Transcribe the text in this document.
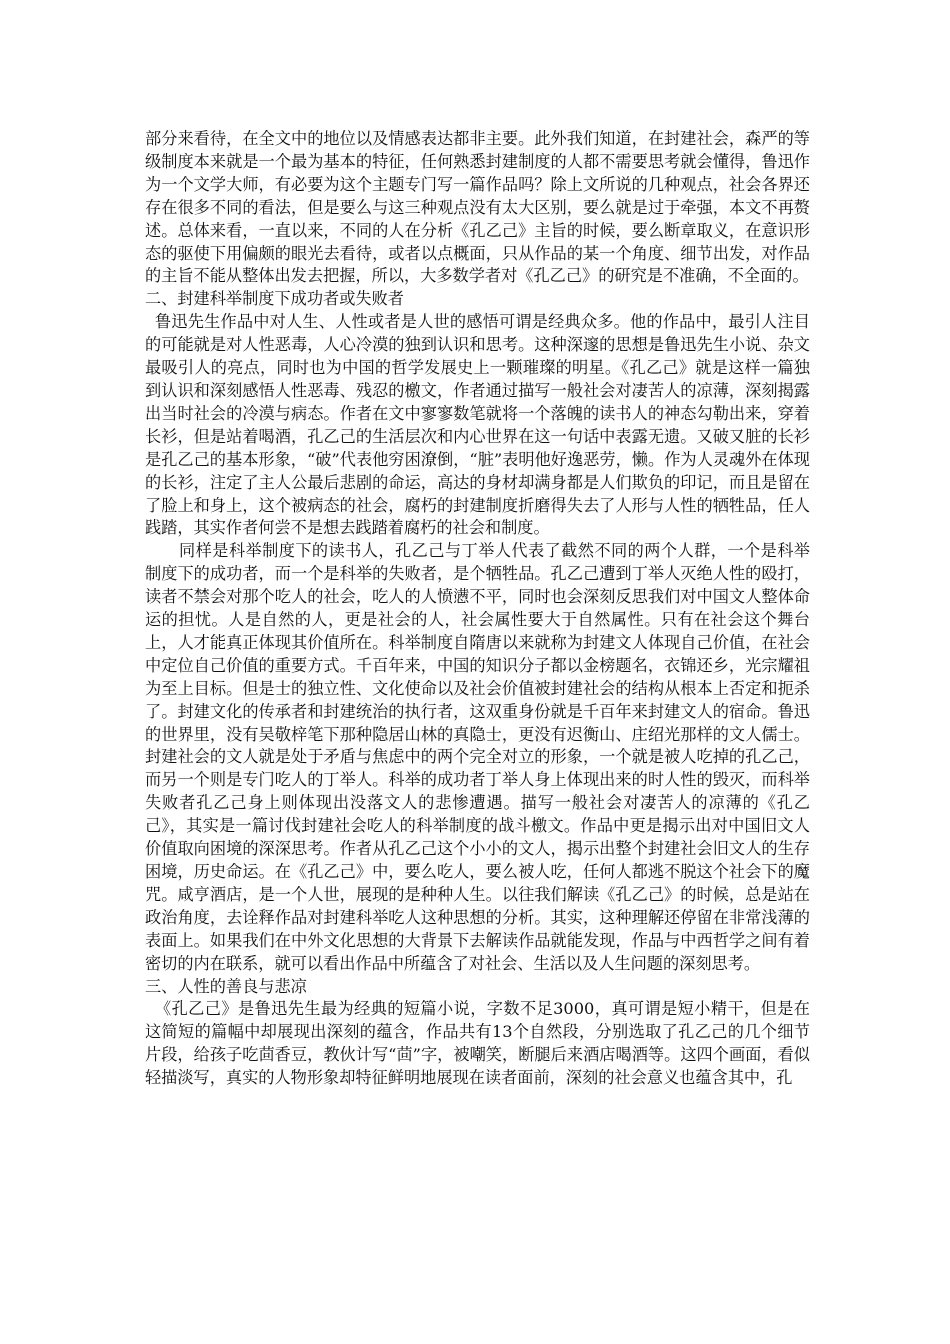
部分来看待，在全文中的地位以及情感表达都非主要。此外我们知道，在封建社会，森严的等级制度本来就是一个最为基本的特征，任何熟悉封建制度的人都不需要思考就会懂得，鲁迅作为一个文学大师，有必要为这个主题专门写一篇作品吗？除上文所说的几种观点，社会各界还存在很多不同的看法，但是要么与这三种观点没有太大区别，要么就是过于牵强，本文不再赘述。总体来看，一直以来，不同的人在分析《孔乙己》主旨的时候，要么断章取义，在意识形态的驱使下用偏颇的眼光去看待，或者以点概面，只从作品的某一个角度、细节出发，对作品的主旨不能从整体出发去把握，所以，大多数学者对《孔乙己》的研究是不准确，不全面的。

二、封建科举制度下成功者或失败者

鲁迅先生作品中对人生、人性或者是人世的感悟可谓是经典众多。他的作品中，最引人注目的可能就是对人性恶毒，人心冷漠的独到认识和思考。这种深邃的思想是鲁迅先生小说、杂文最吸引人的亮点，同时也为中国的哲学发展史上一颗璀璨的明星。《孔乙己》就是这样一篇独到认识和深刻感悟人性恶毒、残忍的檄文，作者通过描写一般社会对凄苦人的凉薄，深刻揭露出当时社会的冷漠与病态。作者在文中寥寥数笔就将一个落魄的读书人的神态勾勒出来，穿着长衫，但是站着喝酒，孔乙己的生活层次和内心世界在这一句话中表露无遗。又破又脏的长衫是孔乙己的基本形象，“破”代表他穷困潦倒，“脏”表明他好逸恶劳，懒。作为人灵魂外在体现的长衫，注定了主人公最后悲剧的命运，高达的身材却满身都是人们欺负的印记，而且是留在了脸上和身上，这个被病态的社会，腐朽的封建制度折磨得失去了人形与人性的牺牲品，任人践踏，其实作者何尝不是想去践踏着腐朽的社会和制度。

同样是科举制度下的读书人，孔乙己与丁举人代表了截然不同的两个人群，一个是科举制度下的成功者，而一个是科举的失败者，是个牺牲品。孔乙己遭到丁举人灭绝人性的殴打，读者不禁会对那个吃人的社会，吃人的人愤懑不平，同时也会深刻反思我们对中国文人整体命运的担忧。人是自然的人，更是社会的人，社会属性要大于自然属性。只有在社会这个舞台上，人才能真正体现其价值所在。科举制度自隋唐以来就称为封建文人体现自己价值，在社会中定位自己价值的重要方式。千百年来，中国的知识分子都以金榜题名，衣锦还乡，光宗耀祖为至上目标。但是士的独立性、文化使命以及社会价值被封建社会的结构从根本上否定和扼杀了。封建文化的传承者和封建统治的执行者，这双重身份就是千百年来封建文人的宿命。鲁迅的世界里，没有吴敬梓笔下那种隐居山林的真隐士，更没有迟衡山、庄绍光那样的文人儒士。封建社会的文人就是处于矛盾与焦虑中的两个完全对立的形象，一个就是被人吃掉的孔乙己，而另一个则是专门吃人的丁举人。科举的成功者丁举人身上体现出来的时人性的毁灭，而科举失败者孔乙己身上则体现出没落文人的悲惨遭遇。描写一般社会对凄苦人的凉薄的《孔乙己》，其实是一篇讨伐封建社会吃人的科举制度的战斗檄文。作品中更是揭示出对中国旧文人价值取向困境的深深思考。作者从孔乙己这个小小的文人，揭示出整个封建社会旧文人的生存困境，历史命运。在《孔乙己》中，要么吃人，要么被人吃，任何人都逃不脱这个社会下的魔咒。咸亨酒店，是一个人世，展现的是种种人生。以往我们解读《孔乙己》的时候，总是站在政治角度，去诠释作品对封建科举吃人这种思想的分析。其实，这种理解还停留在非常浅薄的表面上。如果我们在中外文化思想的大背景下去解读作品就能发现，作品与中西哲学之间有着密切的内在联系，就可以看出作品中所蕴含了对社会、生活以及人生问题的深刻思考。

三、人性的善良与悲凉

《孔乙己》是鲁迅先生最为经典的短篇小说，字数不足3000，真可谓是短小精干，但是在这简短的篇幅中却展现出深刻的蕴含，作品共有13个自然段，分别选取了孔乙己的几个细节片段，给孩子吃茴香豆，教伙计写“茴”字，被嘲笑，断腿后来酒店喝酒等。这四个画面，看似轻描淡写，真实的人物形象却特征鲜明地展现在读者面前，深刻的社会意义也蕴含其中，孔
